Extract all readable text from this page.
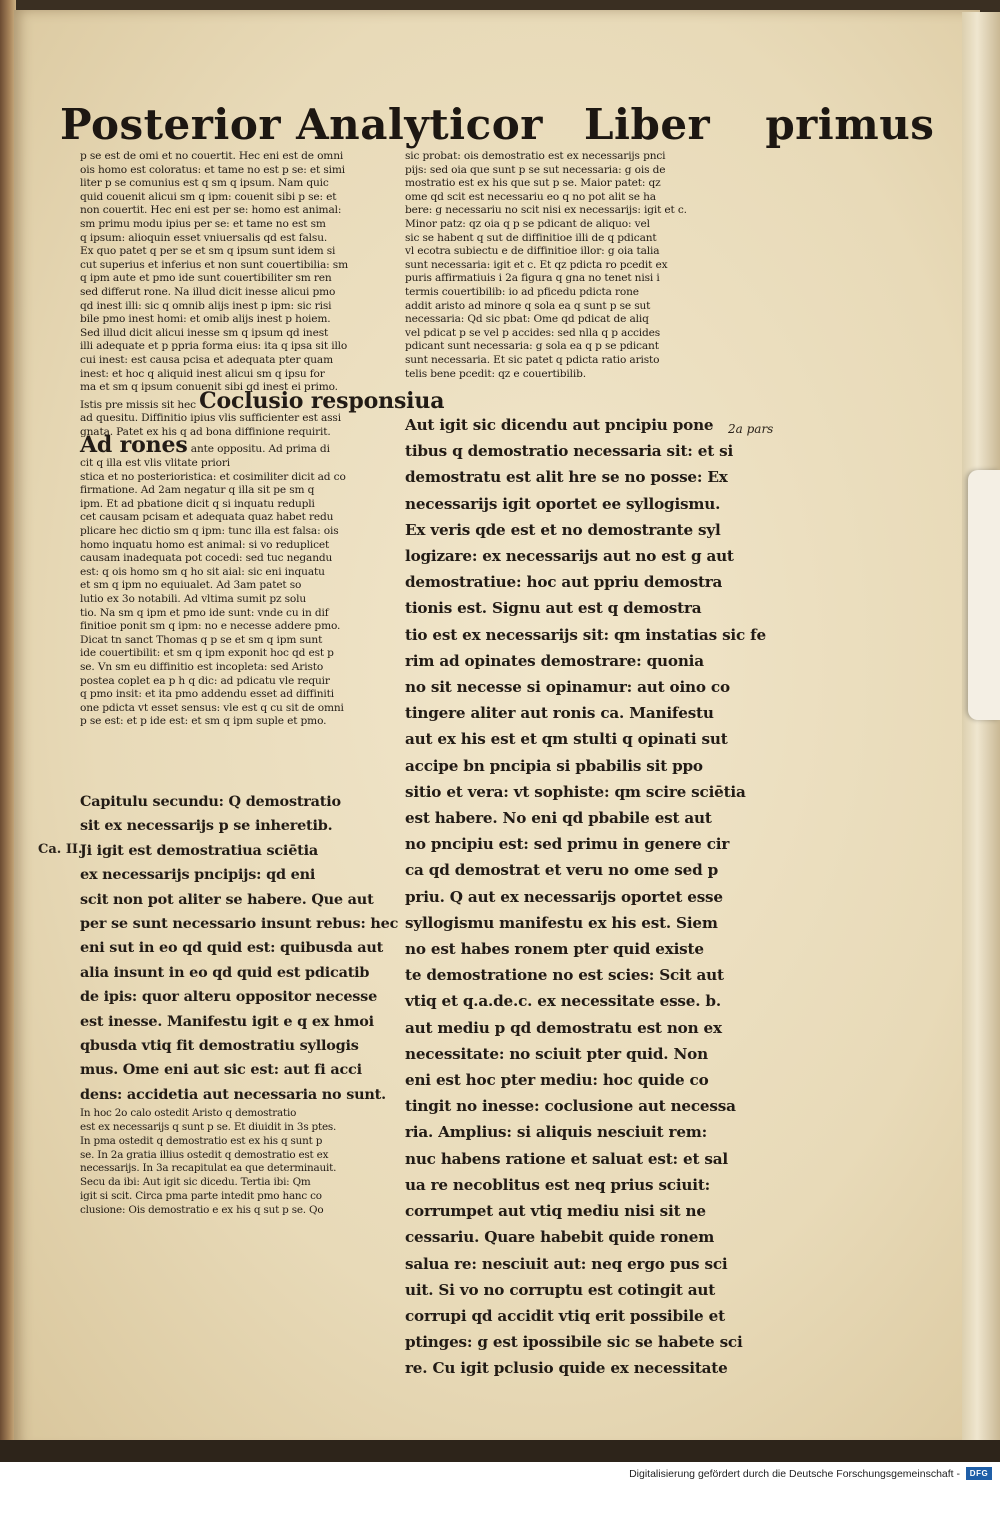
Posterior Analyticor Liber primus
p se est de omi et no couertit. Hec eni est de omni
ois homo est coloratus: et tame no est p se: et simi
liter p se comunius est q sm q ipsum. Nam quic
quid couenit alicui sm q ipm: couenit sibi p se: et
non couertit. Hec eni est per se: homo est animal:
sm primu modu ipius per se: et tame no est sm
q ipsum: alioquin esset vniuersalis qd est falsu.
Ex quo patet q per se et sm q ipsum sunt idem si
cut superius et inferius et non sunt couertibilia: sm
q ipm aute et pmo ide sunt couertibiliter sm ren
sed differut rone. Na illud dicit inesse alicui pmo
qd inest illi: sic q omnib alijs inest p ipm: sic risi
bile pmo inest homi: et omib alijs inest p hoiem.
Sed illud dicit alicui inesse sm q ipsum qd inest
illi adequate et p ppria forma eius: ita q ipsa sit illo
cui inest: est causa pcisa et adequata pter quam
inest: et hoc q aliquid inest alicui sm q ipsu for
ma et sm q ipsum conuenit sibi qd inest ei primo.
Istis pre missis sit hec Coclusio responsiua
ad quesitu. Diffinitio ipius vlis sufficienter est assi
gnata. Patet ex his q ad bona diffinione requirit.
Ad rones ante oppositu. Ad prima di
cit q illa est vlis vlitate priori
stica et no posterioristica: et cosimiliter dicit ad co
firmatione. Ad 2am negatur q illa sit pe sm q
ipm. Et ad pbatione dicit q si inquatu redupli
cet causam pcisam et adequata quaz habet redu
plicare hec dictio sm q ipm: tunc illa est falsa: ois
homo inquatu homo est animal: si vo reduplicet
causam inadequata pot cocedi: sed tuc negandu
est: q ois homo sm q ho sit aial: sic eni inquatu
et sm q ipm no equiualet. Ad 3am patet so
lutio ex 3o notabili. Ad vltima sumit pz solu
tio. Na sm q ipm et pmo ide sunt: vnde cu in dif
finitioe ponit sm q ipm: no e necesse addere pmo.
Dicat tn sanct Thomas q p se et sm q ipm sunt
ide couertibilit: et sm q ipm exponit hoc qd est p
se. Vn sm eu diffinitio est incopleta: sed Aristo
postea coplet ea p h q dic: ad pdicatu vle requir
q pmo insit: et ita pmo addendu esset ad diffiniti
one pdicta vt esset sensus: vle est q cu sit de omni
p se est: et p ide est: et sm q ipm suple et pmo.
Capitulu secundu: Q demostratio
sit ex necessarijs p se inheretib.
Ji igit est demostratiua sciētia
ex necessarijs pncipijs: qd eni
scit non pot aliter se habere. Que aut
per se sunt necessario insunt rebus: hec
eni sut in eo qd quid est: quibusda aut
alia insunt in eo qd quid est pdicatib
de ipis: quor alteru oppositor necesse
est inesse. Manifestu igit e q ex hmoi
qbusda vtiq fit demostratiu syllogis
mus. Ome eni aut sic est: aut fi acci
dens: accidetia aut necessaria no sunt.
In hoc 2o calo ostedit Aristo q demostratio
est ex necessarijs q sunt p se. Et diuidit in 3s ptes.
In pma ostedit q demostratio est ex his q sunt p
se. In 2a gratia illius ostedit q demostratio est ex
necessarijs. In 3a recapitulat ea que determinauit.
Secu da ibi: Aut igit sic dicedu. Tertia ibi: Qm
igit si scit. Circa pma parte intedit pmo hanc co
clusione: Ois demostratio e ex his q sut p se. Qo
Ca. II.
sic probat: ois demostratio est ex necessarijs pnci
pijs: sed oia que sunt p se sut necessaria: g ois de
mostratio est ex his que sut p se. Maior patet: qz
ome qd scit est necessariu eo q no pot alit se ha
bere: g necessariu no scit nisi ex necessarijs: igit et c.
Minor patz: qz oia q p se pdicant de aliquo: vel
sic se habent q sut de diffinitioe illi de q pdicant
vl ecotra subiectu e de diffinitioe illor: g oia talia
sunt necessaria: igit et c. Et qz pdicta ro pcedit ex
puris affirmatiuis i 2a figura q gna no tenet nisi i
termis couertibilib: io ad pficedu pdicta rone
addit aristo ad minore q sola ea q sunt p se sut
necessaria: Qd sic pbat: Ome qd pdicat de aliq
vel pdicat p se vel p accides: sed nlla q p accides
pdicant sunt necessaria: g sola ea q p se pdicant
sunt necessaria. Et sic patet q pdicta ratio aristo
telis bene pcedit: qz e couertibilib.
2a pars
Aut igit sic dicendu aut pncipiu pone
tibus q demostratio necessaria sit: et si
demostratu est alit hre se no posse: Ex
necessarijs igit oportet ee syllogismu.
Ex veris qde est et no demostrante syl
logizare: ex necessarijs aut no est g aut
demostratiue: hoc aut ppriu demostra
tionis est. Signu aut est q demostra
tio est ex necessarijs sit: qm instatias sic fe
rim ad opinates demostrare: quonia
no sit necesse si opinamur: aut oino co
tingere aliter aut ronis ca. Manifestu
aut ex his est et qm stulti q opinati sut
accipe bn pncipia si pbabilis sit ppo
sitio et vera: vt sophiste: qm scire sciētia
est habere. No eni qd pbabile est aut
no pncipiu est: sed primu in genere cir
ca qd demostrat et veru no ome sed p
priu. Q aut ex necessarijs oportet esse
syllogismu manifestu ex his est. Siem
no est habes ronem pter quid existe
te demostratione no est scies: Scit aut
vtiq et q.a.de.c. ex necessitate esse. b.
aut mediu p qd demostratu est non ex
necessitate: no sciuit pter quid. Non
eni est hoc pter mediu: hoc quide co
tingit no inesse: coclusione aut necessa
ria. Amplius: si aliquis nesciuit rem:
nuc habens ratione et saluat est: et sal
ua re necoblitus est neq prius sciuit:
corrumpet aut vtiq mediu nisi sit ne
cessariu. Quare habebit quide ronem
salua re: nesciuit aut: neq ergo pus sci
uit. Si vo no corruptu est cotingit aut
corrupi qd accidit vtiq erit possibile et
ptinges: g est ipossibile sic se habete sci
re. Cu igit pclusio quide ex necessitate
Digitalisierung gefördert durch die Deutsche Forschungsgemeinschaft -	DFG
